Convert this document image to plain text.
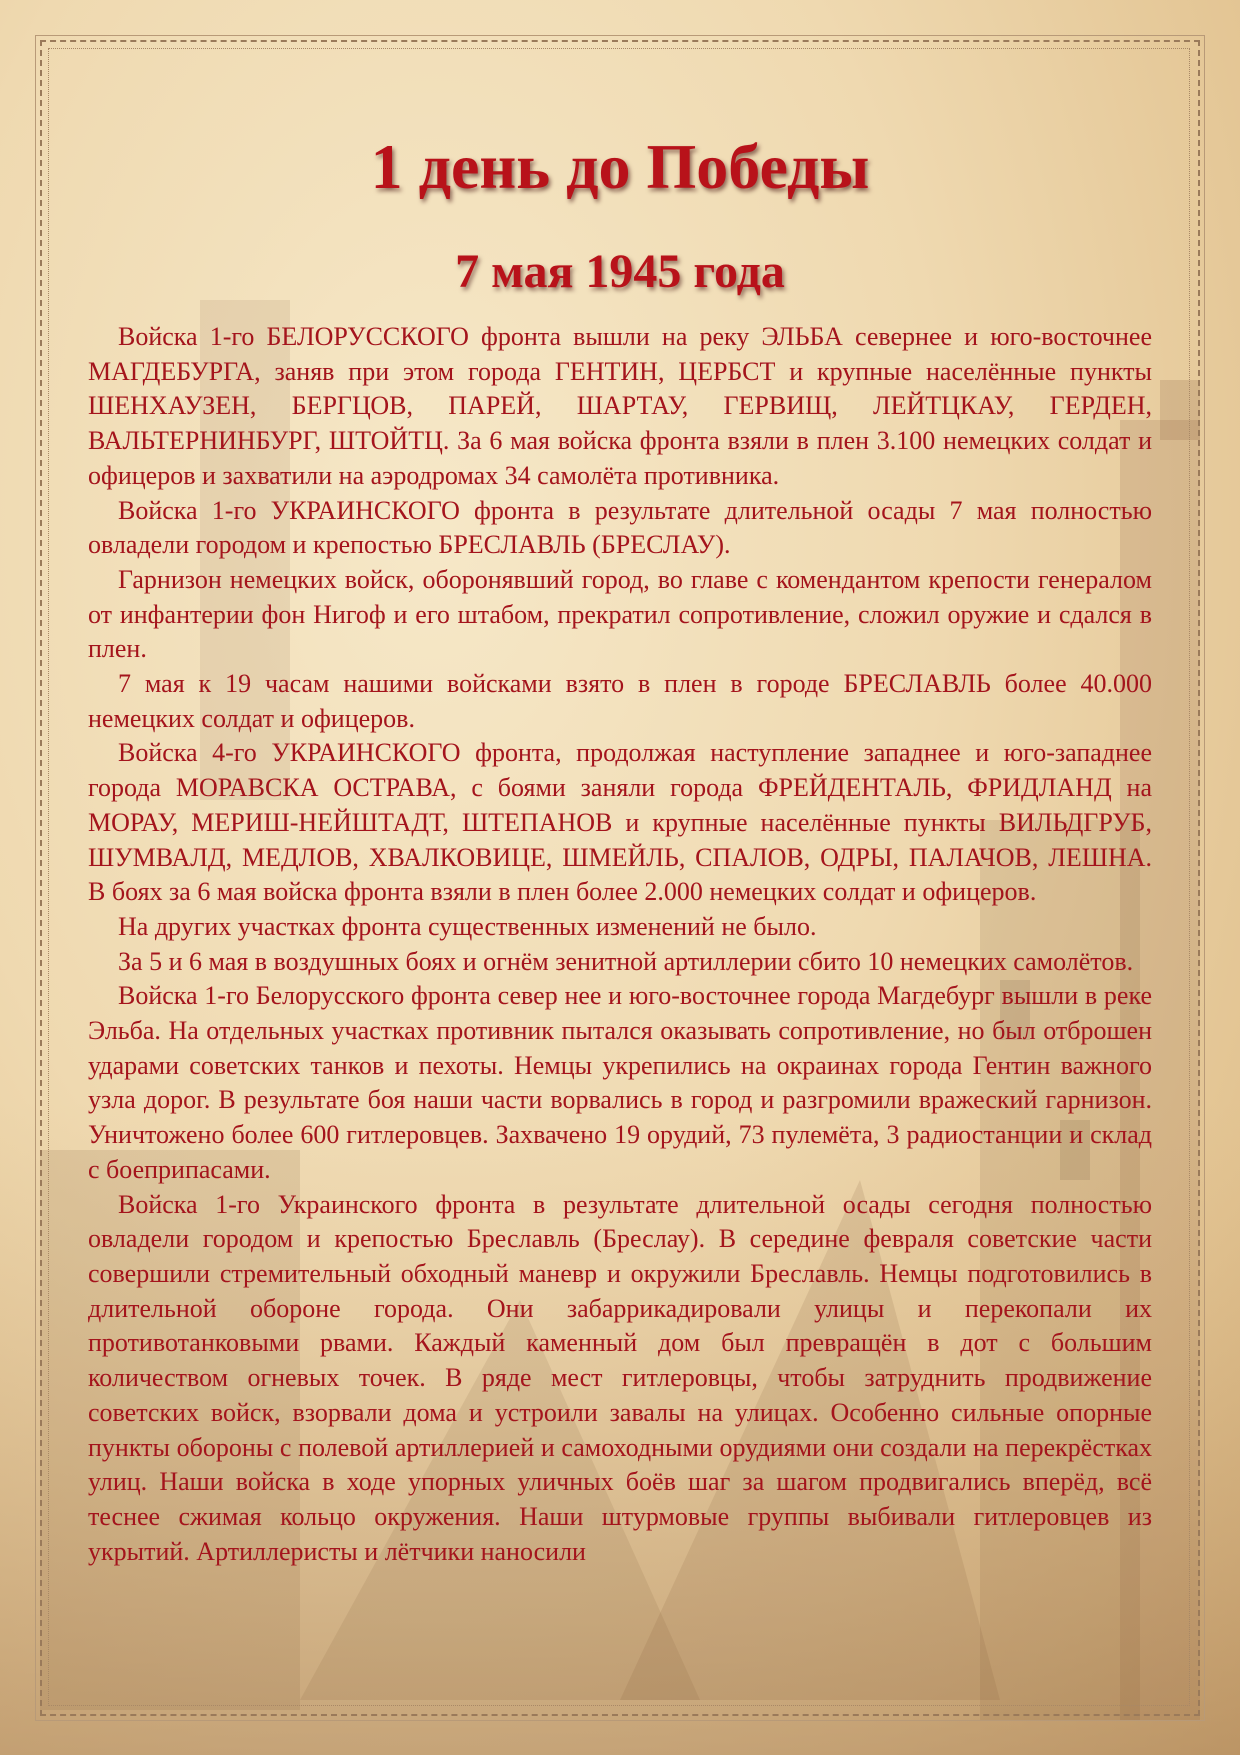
1 день до Победы
7 мая 1945 года

Войска 1-го БЕЛОРУССКОГО фронта вышли на реку ЭЛЬБА севернее и юго-восточнее МАГДЕБУРГА, заняв при этом города ГЕНТИН, ЦЕРБСТ и крупные населённые пункты ШЕНХАУЗЕН, БЕРГЦОВ, ПАРЕЙ, ШАРТАУ, ГЕРВИЩ, ЛЕЙТЦКАУ, ГЕРДЕН, ВАЛЬТЕРНИНБУРГ, ШТОЙТЦ. За 6 мая войска фронта взяли в плен 3.100 немецких солдат и офицеров и захватили на аэродромах 34 самолёта противника.

Войска 1-го УКРАИНСКОГО фронта в результате длительной осады 7 мая полностью овладели городом и крепостью БРЕСЛАВЛЬ (БРЕСЛАУ).

Гарнизон немецких войск, оборонявший город, во главе с комендантом крепости генералом от инфантерии фон Нигоф и его штабом, прекратил сопротивление, сложил оружие и сдался в плен.

7 мая к 19 часам нашими войсками взято в плен в городе БРЕСЛАВЛЬ более 40.000 немецких солдат и офицеров.

Войска 4-го УКРАИНСКОГО фронта, продолжая наступление западнее и юго-западнее города МОРАВСКА ОСТРАВА, с боями заняли города ФРЕЙДЕНТАЛЬ, ФРИДЛАНД на МОРАУ, МЕРИШ-НЕЙШТАДТ, ШТЕПАНОВ и крупные населённые пункты ВИЛЬДГРУБ, ШУМВАЛД, МЕДЛОВ, ХВАЛКОВИЦЕ, ШМЕЙЛЬ, СПАЛОВ, ОДРЫ, ПАЛАЧОВ, ЛЕШНА. В боях за 6 мая войска фронта взяли в плен более 2.000 немецких солдат и офицеров.

На других участках фронта существенных изменений не было.

За 5 и 6 мая в воздушных боях и огнём зенитной артиллерии сбито 10 немецких самолётов.

Войска 1-го Белорусского фронта север нее и юго-восточнее города Магдебург вышли в реке Эльба. На отдельных участках противник пытался оказывать сопротивление, но был отброшен ударами советских танков и пехоты. Немцы укрепились на окраинах города Гентин важного узла дорог. В результате боя наши части ворвались в город и разгромили вражеский гарнизон. Уничтожено более 600 гитлеровцев. Захвачено 19 орудий, 73 пулемёта, 3 радиостанции и склад с боеприпасами.

Войска 1-го Украинского фронта в результате длительной осады сегодня полностью овладели городом и крепостью Бреславль (Бреслау). В середине февраля советские части совершили стремительный обходный маневр и окружили Бреславль. Немцы подготовились в длительной обороне города. Они забаррикадировали улицы и перекопали их противотанковыми рвами. Каждый каменный дом был превращён в дот с большим количеством огневых точек. В ряде мест гитлеровцы, чтобы затруднить продвижение советских войск, взорвали дома и устроили завалы на улицах. Особенно сильные опорные пункты обороны с полевой артиллерией и самоходными орудиями они создали на перекрёстках улиц. Наши войска в ходе упорных уличных боёв шаг за шагом продвигались вперёд, всё теснее сжимая кольцо окружения. Наши штурмовые группы выбивали гитлеровцев из укрытий. Артиллеристы и лётчики наносили
